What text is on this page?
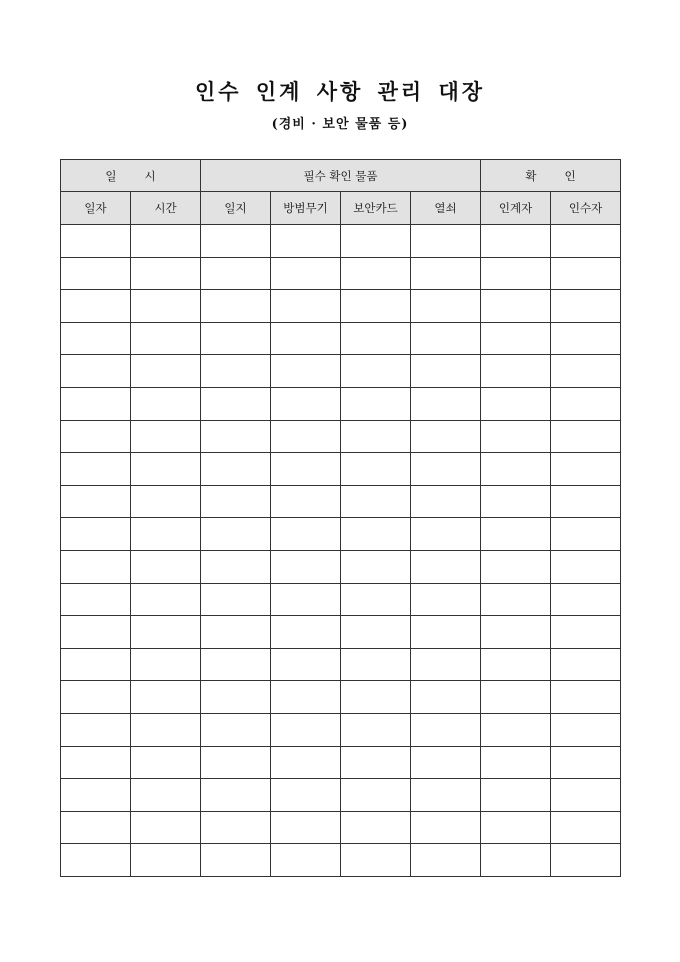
인수 인계 사항 관리 대장
(경비 · 보안 물품 등)
일 시		필수 확인 물품				확 인	
일자	시간	일지	방범무기	보안카드	열쇠	인계자	인수자
